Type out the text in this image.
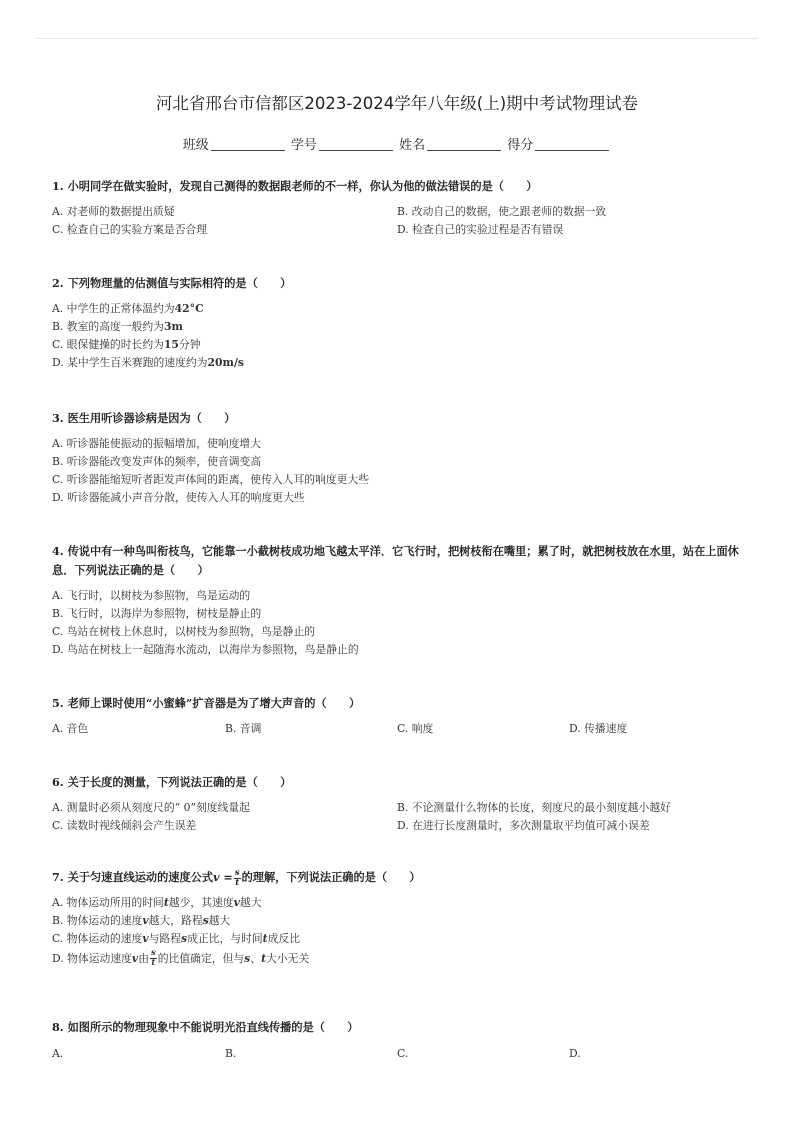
河北省邢台市信都区2023-2024学年八年级(上)期中考试物理试卷
班级	学号	姓名	得分
1. 小明同学在做实验时，发现自己测得的数据跟老师的不一样，你认为他的做法错误的是（　　）
A. 对老师的数据提出质疑	B. 改动自己的数据，使之跟老师的数据一致
C. 检查自己的实验方案是否合理	D. 检查自己的实验过程是否有错误
2. 下列物理量的估测值与实际相符的是（　　）
A. 中学生的正常体温约为42°C
B. 教室的高度一般约为3m
C. 眼保健操的时长约为15分钟
D. 某中学生百米赛跑的速度约为20m/s
3. 医生用听诊器诊病是因为（　　）
A. 听诊器能使振动的振幅增加，使响度增大
B. 听诊器能改变发声体的频率，使音调变高
C. 听诊器能缩短听者距发声体间的距离，使传入人耳的响度更大些
D. 听诊器能减小声音分散，使传入人耳的响度更大些
4. 传说中有一种鸟叫衔枝鸟，它能靠一小截树枝成功地飞越太平洋．它飞行时，把树枝衔在嘴里；累了时，就把树枝放在水里，站在上面休息．下列说法正确的是（　　）
A. 飞行时，以树枝为参照物，鸟是运动的
B. 飞行时，以海岸为参照物，树枝是静止的
C. 鸟站在树枝上休息时，以树枝为参照物，鸟是静止的
D. 鸟站在树枝上一起随海水流动，以海岸为参照物，鸟是静止的
5. 老师上课时使用“小蜜蜂”扩音器是为了增大声音的（　　）
A. 音色	B. 音调	C. 响度	D. 传播速度
6. 关于长度的测量，下列说法正确的是（　　）
A. 测量时必须从刻度尺的“ 0”刻度线量起	B. 不论测量什么物体的长度，刻度尺的最小刻度越小越好
C. 读数时视线倾斜会产生误差	D. 在进行长度测量时，多次测量取平均值可减小误差
7. 关于匀速直线运动的速度公式$v = \frac{s}{t}$ 的理解，下列说法正确的是（　　）
A. 物体运动所用的时间t越少，其速度v越大
B. 物体运动的速度v越大，路程s越大
C. 物体运动的速度v与路程s成正比，与时间t成反比
D. 物体运动速度v由 $\frac{s}{t}$ 的比值确定，但与s、t大小无关
8. 如图所示的物理现象中不能说明光沿直线传播的是（　　）
A.	B.	C.	D.
